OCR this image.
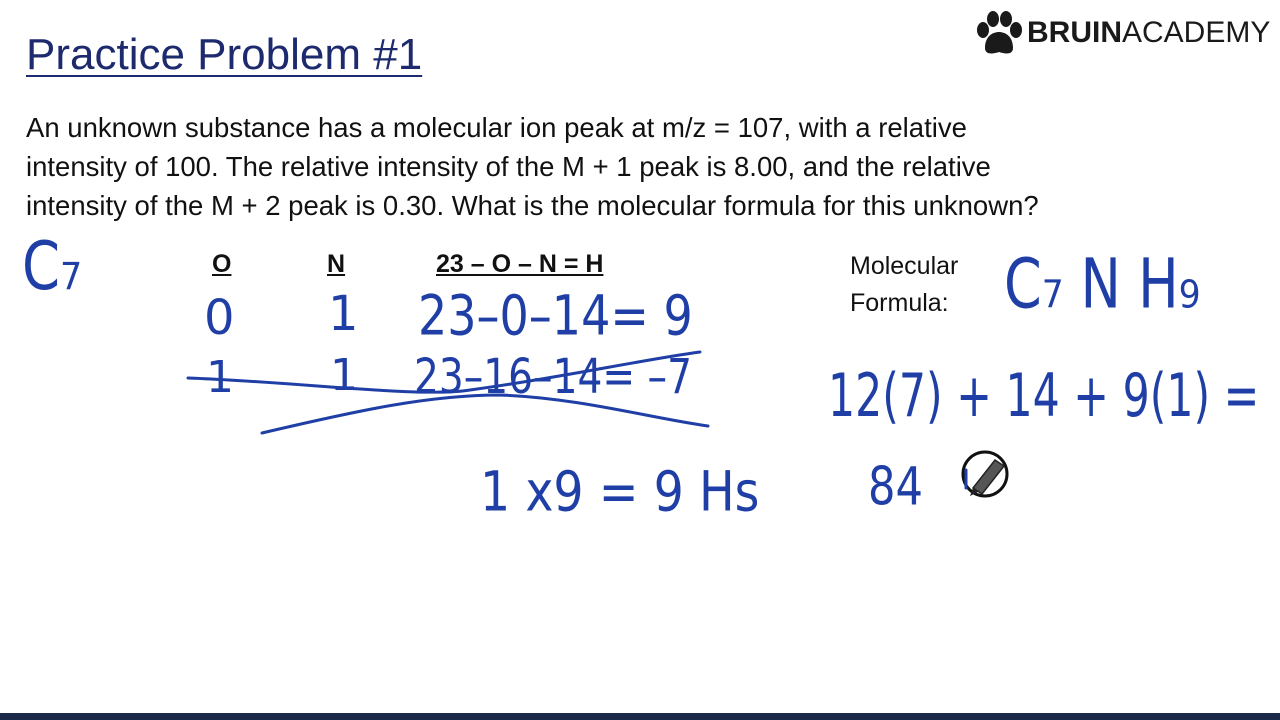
Practice Problem #1	BRUINACADEMY
An unknown substance has a molecular ion peak at m/z = 107, with a relative
intensity of 100. The relative intensity of the M + 1 peak is 8.00, and the relative
intensity of the M + 2 peak is 0.30. What is the molecular formula for this unknown?
O	N	23 – O – N = H	Molecular
Formula:
C₇
0 1 23–0–14= 9
1 1 23–16–14= –7
1 x9 = 9 Hs
C₇ N H₉
12(7) + 14 + 9(1) =
84
